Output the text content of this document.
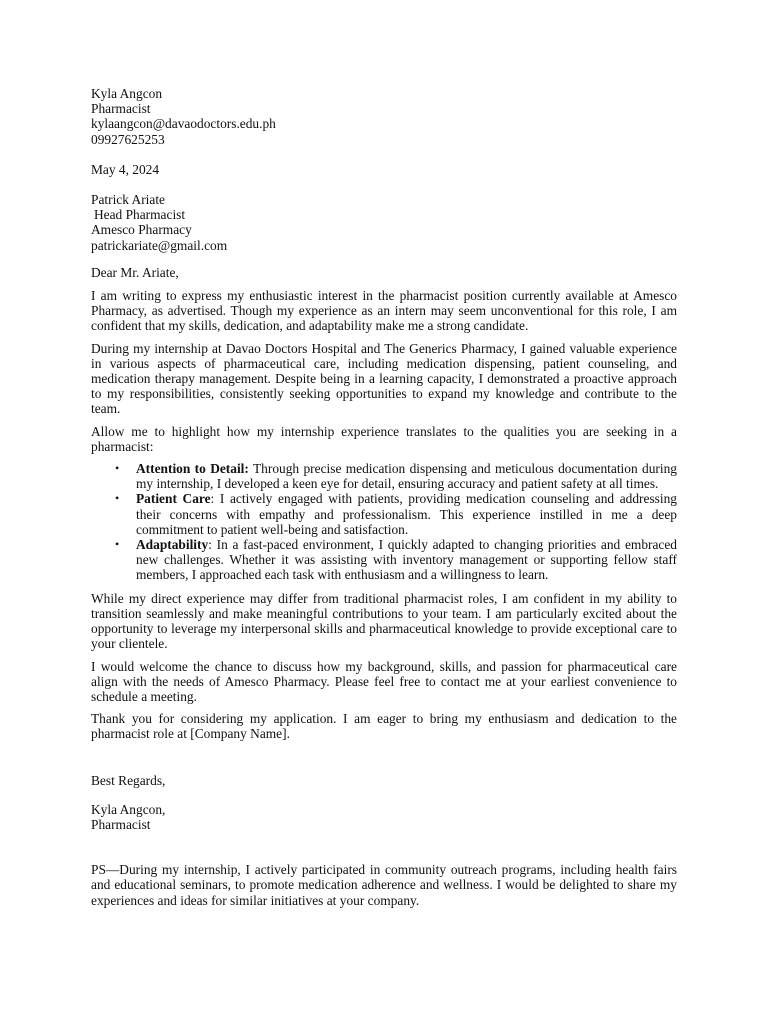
Kyla Angcon
Pharmacist
kylaangcon@davaodoctors.edu.ph
09927625253
May 4, 2024
Patrick Ariate
Head Pharmacist
Amesco Pharmacy
patrickariate@gmail.com

Dear Mr. Ariate,

I am writing to express my enthusiastic interest in the pharmacist position currently available at Amesco Pharmacy, as advertised. Though my experience as an intern may seem unconventional for this role, I am confident that my skills, dedication, and adaptability make me a strong candidate.

During my internship at Davao Doctors Hospital and The Generics Pharmacy, I gained valuable experience in various aspects of pharmaceutical care, including medication dispensing, patient counseling, and medication therapy management. Despite being in a learning capacity, I demonstrated a proactive approach to my responsibilities, consistently seeking opportunities to expand my knowledge and contribute to the team.

Allow me to highlight how my internship experience translates to the qualities you are seeking in a pharmacist:

• Attention to Detail: Through precise medication dispensing and meticulous documentation during my internship, I developed a keen eye for detail, ensuring accuracy and patient safety at all times.
• Patient Care: I actively engaged with patients, providing medication counseling and addressing their concerns with empathy and professionalism. This experience instilled in me a deep commitment to patient well-being and satisfaction.
• Adaptability: In a fast-paced environment, I quickly adapted to changing priorities and embraced new challenges. Whether it was assisting with inventory management or supporting fellow staff members, I approached each task with enthusiasm and a willingness to learn.

While my direct experience may differ from traditional pharmacist roles, I am confident in my ability to transition seamlessly and make meaningful contributions to your team. I am particularly excited about the opportunity to leverage my interpersonal skills and pharmaceutical knowledge to provide exceptional care to your clientele.

I would welcome the chance to discuss how my background, skills, and passion for pharmaceutical care align with the needs of Amesco Pharmacy. Please feel free to contact me at your earliest convenience to schedule a meeting.

Thank you for considering my application. I am eager to bring my enthusiasm and dedication to the pharmacist role at [Company Name].

Best Regards,
Kyla Angcon,
Pharmacist

PS—During my internship, I actively participated in community outreach programs, including health fairs and educational seminars, to promote medication adherence and wellness. I would be delighted to share my experiences and ideas for similar initiatives at your company.
